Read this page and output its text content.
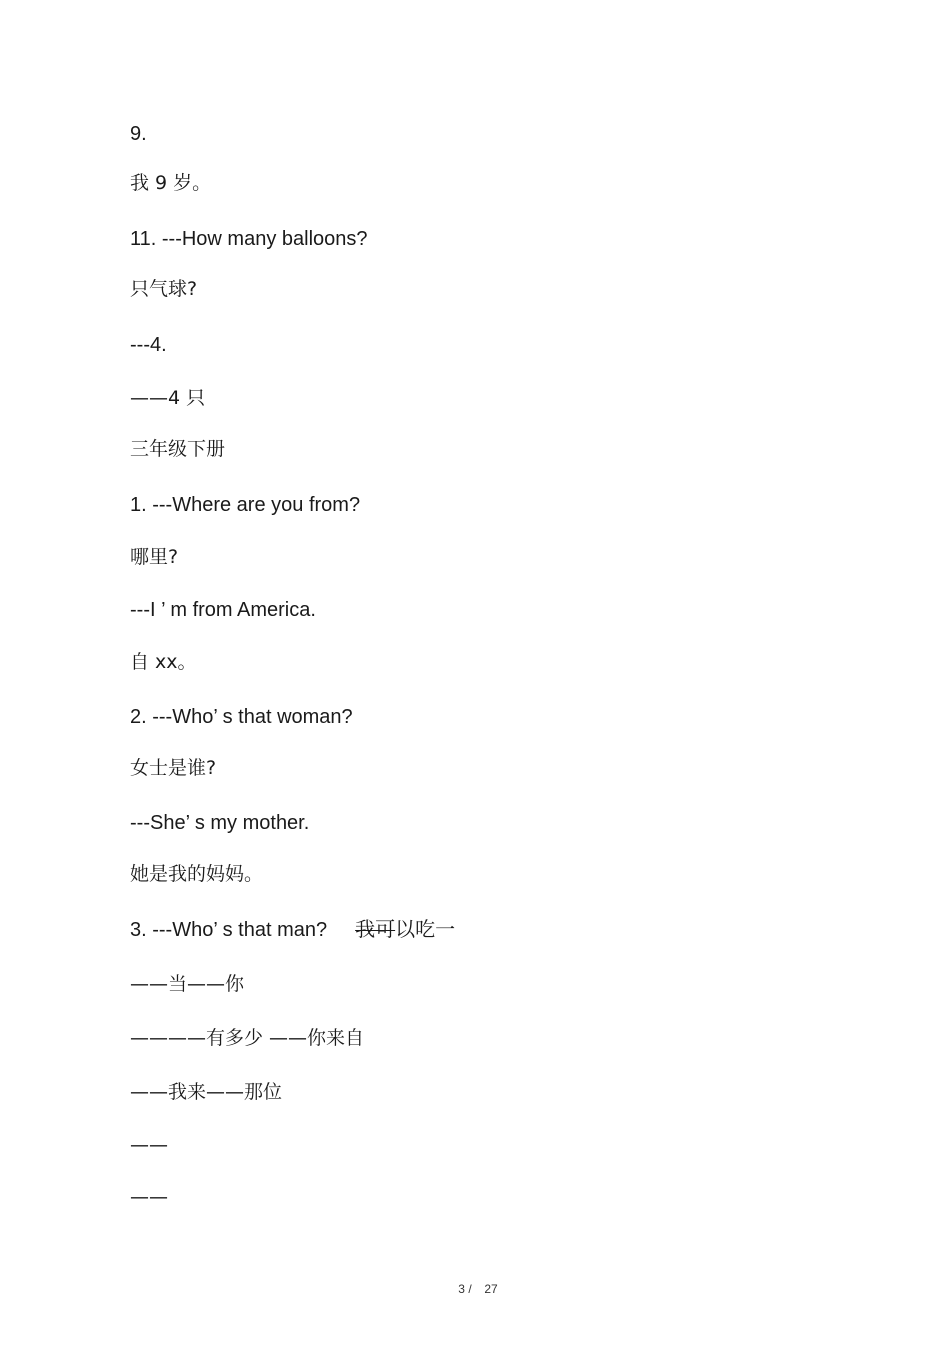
9.
我 9 岁。
11. ---How many balloons?
只气球?
---4.
——4 只
三年级下册
1. ---Where are you from?
哪里?
---I ’ m from America.
自 xx。
2. ---Who’ s that woman?
女士是谁?
---She’ s my mother.
她是我的妈妈。
3. ---Who’ s that man? 我可以吃一
——当——你
————有多少 ——你来自
——我来——那位
——
——
3 / 27
